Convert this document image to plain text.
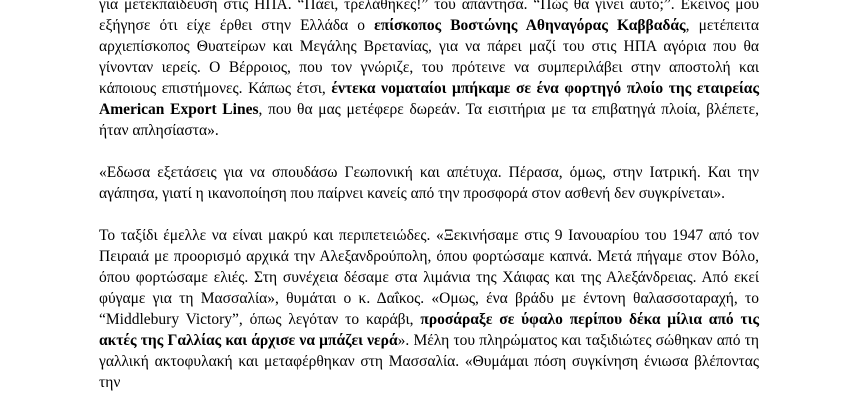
για μετεκπαίδευση στις ΗΠΑ. “Πάει, τρελάθηκες!” του απάντησα. “Πώς θα γίνει αυτό;”. Εκείνος μου εξήγησε ότι είχε έρθει στην Ελλάδα ο επίσκοπος Βοστώνης Αθηναγόρας Καββαδάς, μετέπειτα αρχιεπίσκοπος Θυατείρων και Μεγάλης Βρετανίας, για να πάρει μαζί του στις ΗΠΑ αγόρια που θα γίνονταν ιερείς. Ο Βέρροιος, που τον γνώριζε, του πρότεινε να συμπεριλάβει στην αποστολή και κάποιους επιστήμονες. Κάπως έτσι, έντεκα νοματαίοι μπήκαμε σε ένα φορτηγό πλοίο της εταιρείας American Export Lines, που θα μας μετέφερε δωρεάν. Τα εισιτήρια με τα επιβατηγά πλοία, βλέπετε, ήταν απλησίαστα».

«Εδωσα εξετάσεις για να σπουδάσω Γεωπονική και απέτυχα. Πέρασα, όμως, στην Ιατρική. Και την αγάπησα, γιατί η ικανοποίηση που παίρνει κανείς από την προσφορά στον ασθενή δεν συγκρίνεται».

Το ταξίδι έμελλε να είναι μακρύ και περιπετειώδες. «Ξεκινήσαμε στις 9 Ιανουαρίου του 1947 από τον Πειραιά με προορισμό αρχικά την Αλεξανδρούπολη, όπου φορτώσαμε καπνά. Μετά πήγαμε στον Βόλο, όπου φορτώσαμε ελιές. Στη συνέχεια δέσαμε στα λιμάνια της Χάιφας και της Αλεξάνδρειας. Από εκεί φύγαμε για τη Μασσαλία», θυμάται ο κ. Δαΐκος. «Ομως, ένα βράδυ με έντονη θαλασσοταραχή, το “Middlebury Victory”, όπως λεγόταν το καράβι, προσάραξε σε ύφαλο περίπου δέκα μίλια από τις ακτές της Γαλλίας και άρχισε να μπάζει νερά». Μέλη του πληρώματος και ταξιδιώτες σώθηκαν από τη γαλλική ακτοφυλακή και μεταφέρθηκαν στη Μασσαλία. «Θυμάμαι πόση συγκίνηση ένιωσα βλέποντας την
